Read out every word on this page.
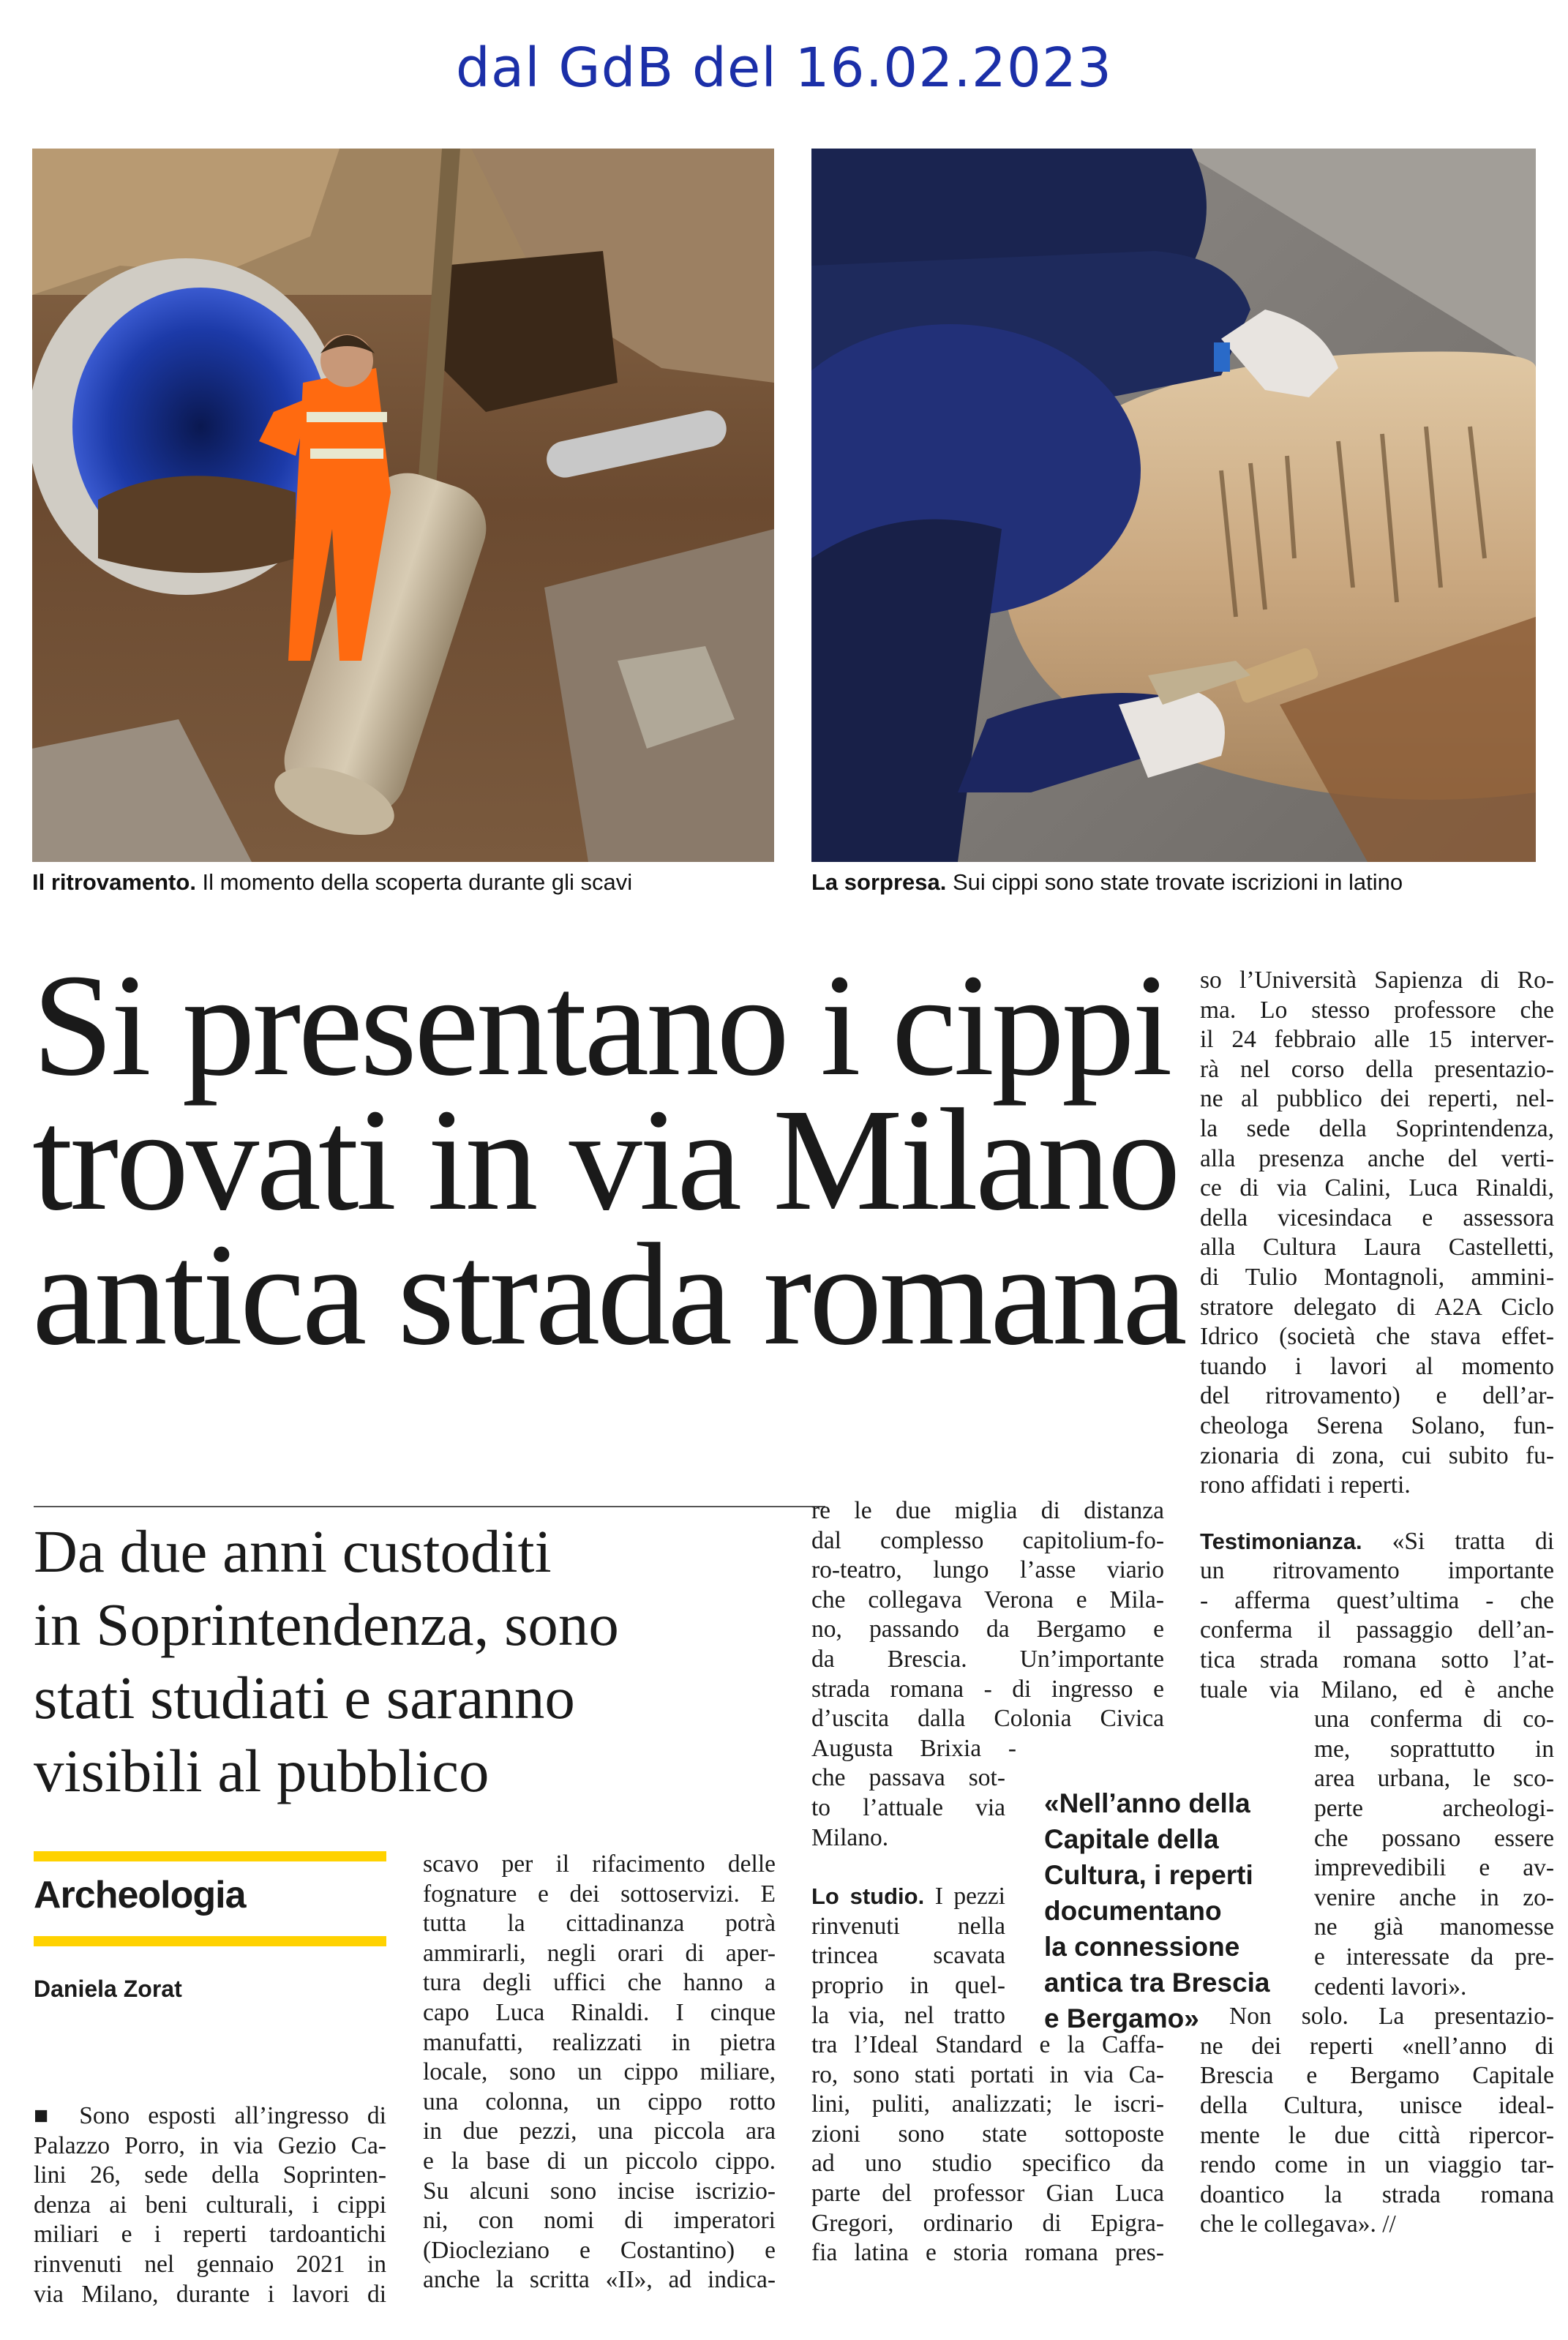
dal GdB del 16.02.2023
Il ritrovamento. Il momento della scoperta durante gli scavi	La sorpresa. Sui cippi sono state trovate iscrizioni in latino
Si presentano i cippi
trovati in via Milano
antica strada romana
Da due anni custoditi
in Soprintendenza, sono
stati studiati e saranno
visibili al pubblico
Archeologia
Daniela Zorat
■ Sono esposti all’ingresso di
Palazzo Porro, in via Gezio Ca-
lini 26, sede della Soprinten-
denza ai beni culturali, i cippi
miliari e i reperti tardoantichi
rinvenuti nel gennaio 2021 in
via Milano, durante i lavori di
scavo per il rifacimento delle
fognature e dei sottoservizi. E
tutta la cittadinanza potrà
ammirarli, negli orari di aper-
tura degli uffici che hanno a
capo Luca Rinaldi. I cinque
manufatti, realizzati in pietra
locale, sono un cippo miliare,
una colonna, un cippo rotto
in due pezzi, una piccola ara
e la base di un piccolo cippo.
Su alcuni sono incise iscrizio-
ni, con nomi di imperatori
(Diocleziano e Costantino) e
anche la scritta «II», ad indica-
re le due miglia di distanza
dal complesso capitolium-fo-
ro-teatro, lungo l’asse viario
che collegava Verona e Mila-
no, passando da Bergamo e
da Brescia. Un’importante
strada romana - di ingresso e
d’uscita dalla Colonia Civica
Augusta Brixia -
che passava sot-
to l’attuale via
Milano.
Lo studio. I pezzi
rinvenuti nella
trincea scavata
proprio in quel-
la via, nel tratto
tra l’Ideal Standard e la Caffa-
ro, sono stati portati in via Ca-
lini, puliti, analizzati; le iscri-
zioni sono state sottoposte
ad uno studio specifico da
parte del professor Gian Luca
Gregori, ordinario di Epigra-
fia latina e storia romana pres-
«Nell’anno della
Capitale della
Cultura, i reperti
documentano
la connessione
antica tra Brescia
e Bergamo»
so l’Università Sapienza di Ro-
ma. Lo stesso professore che
il 24 febbraio alle 15 interver-
rà nel corso della presentazio-
ne al pubblico dei reperti, nel-
la sede della Soprintendenza,
alla presenza anche del verti-
ce di via Calini, Luca Rinaldi,
della vicesindaca e assessora
alla Cultura Laura Castelletti,
di Tulio Montagnoli, ammini-
stratore delegato di A2A Ciclo
Idrico (società che stava effet-
tuando i lavori al momento
del ritrovamento) e dell’ar-
cheologa Serena Solano, fun-
zionaria di zona, cui subito fu-
rono affidati i reperti.
Testimonianza. «Si tratta di
un ritrovamento importante
- afferma quest’ultima - che
conferma il passaggio dell’an-
tica strada romana sotto l’at-
tuale via Milano, ed è anche
una conferma di co-
me, soprattutto in
area urbana, le sco-
perte archeologi-
che possano essere
imprevedibili e av-
venire anche in zo-
ne già manomesse
e interessate da pre-
cedenti lavori».
Non solo. La presentazio-
ne dei reperti «nell’anno di
Brescia e Bergamo Capitale
della Cultura, unisce ideal-
mente le due città ripercor-
rendo come in un viaggio tar-
doantico la strada romana
che le collegava». //
